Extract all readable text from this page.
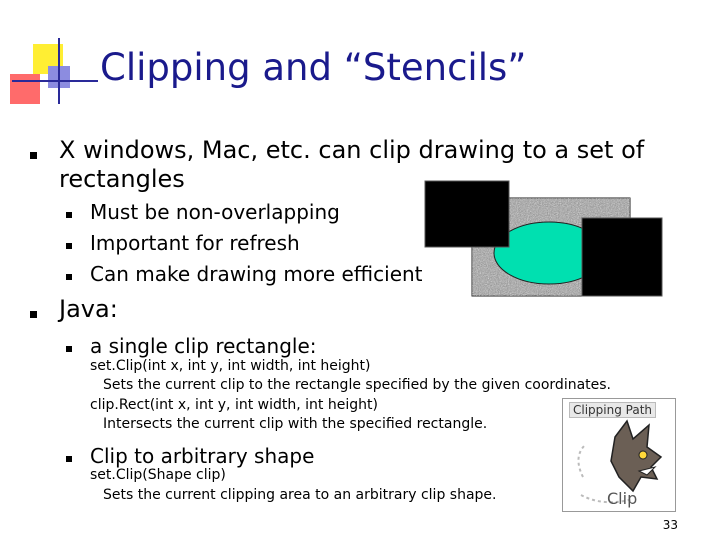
Clipping and “Stencils”
X windows, Mac, etc. can clip drawing to a set of
rectangles
Must be non-overlapping
Important for refresh
Can make drawing more efficient
Java:
a single clip rectangle:
set.Clip(int x, int y, int width, int height)
Sets the current clip to the rectangle specified by the given coordinates.
clip.Rect(int x, int y, int width, int height)
Intersects the current clip with the specified rectangle.
Clip to arbitrary shape
set.Clip(Shape clip)
Sets the current clipping area to an arbitrary clip shape.
Clipping Path
Clip
33
